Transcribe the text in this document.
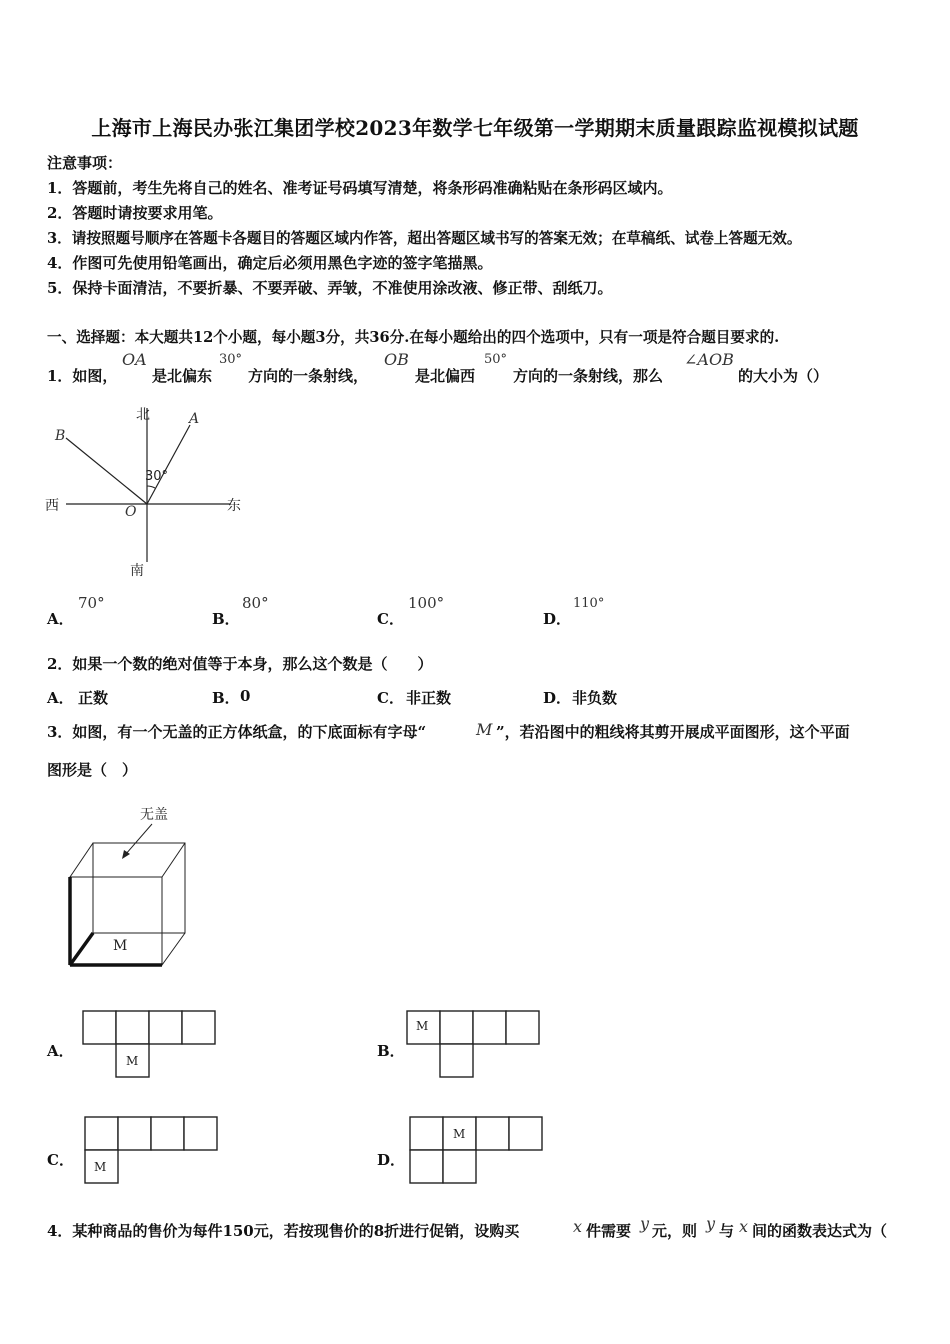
上海市上海民办张江集团学校2023年数学七年级第一学期期末质量跟踪监视模拟试题
注意事项：
1．答题前，考生先将自己的姓名、准考证号码填写清楚，将条形码准确粘贴在条形码区域内。
2．答题时请按要求用笔。
3．请按照题号顺序在答题卡各题目的答题区域内作答，超出答题区域书写的答案无效；在草稿纸、试卷上答题无效。
4．作图可先使用铅笔画出，确定后必须用黑色字迹的签字笔描黑。
5．保持卡面清洁，不要折暴、不要弄破、弄皱，不准使用涂改液、修正带、刮纸刀。
一、选择题：本大题共12个小题，每小题3分，共36分.在每小题给出的四个选项中，只有一项是符合题目要求的.
1．如图，
OA
是北偏东
30°
方向的一条射线，
OB
是北偏西
50°
方向的一条射线，那么
∠AOB
的大小为（）
北
南
西	东
A
B
O
30°
A．
70°
B．
80°
C．
100°
D．
110°
2．如果一个数的绝对值等于本身，那么这个数是（　　）
A． 正数	B． 0	C． 非正数	D． 非负数
3．如图，有一个无盖的正方体纸盒，的下底面标有字母“	M ”，若沿图中的粗线将其剪开展成平面图形，这个平面
图形是（　）
无盖
M
A．
M
B．
M
C． M	D．
M
4．某种商品的售价为每件150元，若按现售价的8折进行促销，设购买	x 件需要 y 元，则 y 与 x 间的函数表达式为（
